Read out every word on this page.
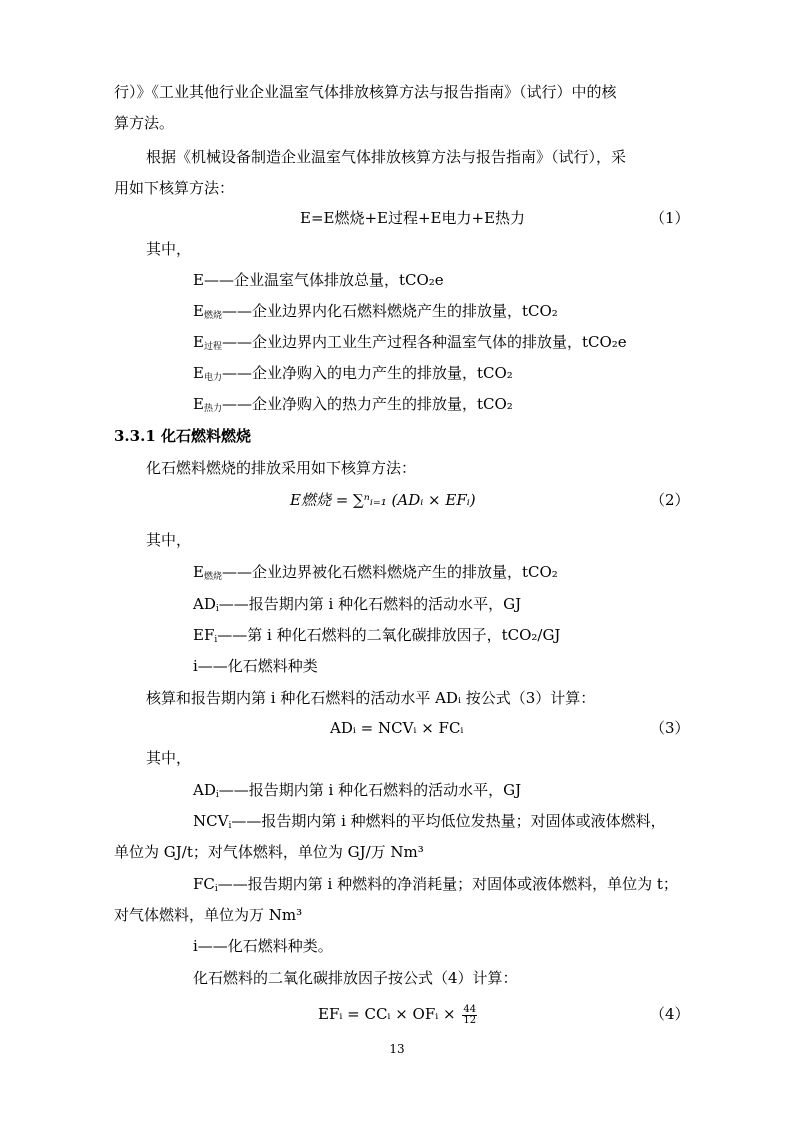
行）》《工业其他行业企业温室气体排放核算方法与报告指南》（试行）中的核
算方法。
根据《机械设备制造企业温室气体排放核算方法与报告指南》（试行），采
用如下核算方法：
E=E燃烧+E过程+E电力+E热力	（1）
其中，
E——企业温室气体排放总量，tCO₂e
$E_{燃烧}——$企业边界内化石燃料燃烧产生的排放量，tCO₂
$E_{过程}——$企业边界内工业生产过程各种温室气体的排放量，tCO₂e
$E_{电力}——$企业净购入的电力产生的排放量，tCO₂
$E_{热力}——$企业净购入的热力产生的排放量，tCO₂
3.3.1 化石燃料燃烧
化石燃料燃烧的排放采用如下核算方法：
E燃烧 = ∑ⁿᵢ₌₁ (ADᵢ × EFᵢ)	（2）
其中，
$E_{燃烧}——$企业边界被化石燃料燃烧产生的排放量，tCO₂
$AD_i——$报告期内第 i 种化石燃料的活动水平，GJ
$EF_i——$第 i 种化石燃料的二氧化碳排放因子，tCO₂/GJ
i——化石燃料种类
核算和报告期内第 i 种化石燃料的活动水平 ADᵢ 按公式（3）计算：
ADᵢ = NCVᵢ × FCᵢ	（3）
其中，
$AD_i——$报告期内第 i 种化石燃料的活动水平，GJ
$NCV_i——$报告期内第 i 种燃料的平均低位发热量；对固体或液体燃料，
单位为 GJ/t；对气体燃料，单位为 GJ/万 Nm³
$FC_i——$报告期内第 i 种燃料的净消耗量；对固体或液体燃料，单位为 t；
对气体燃料，单位为万 Nm³
i——化石燃料种类。
化石燃料的二氧化碳排放因子按公式（4）计算：
EFᵢ = CCᵢ × OFᵢ × $\frac{44}{12}$	（4）
13
